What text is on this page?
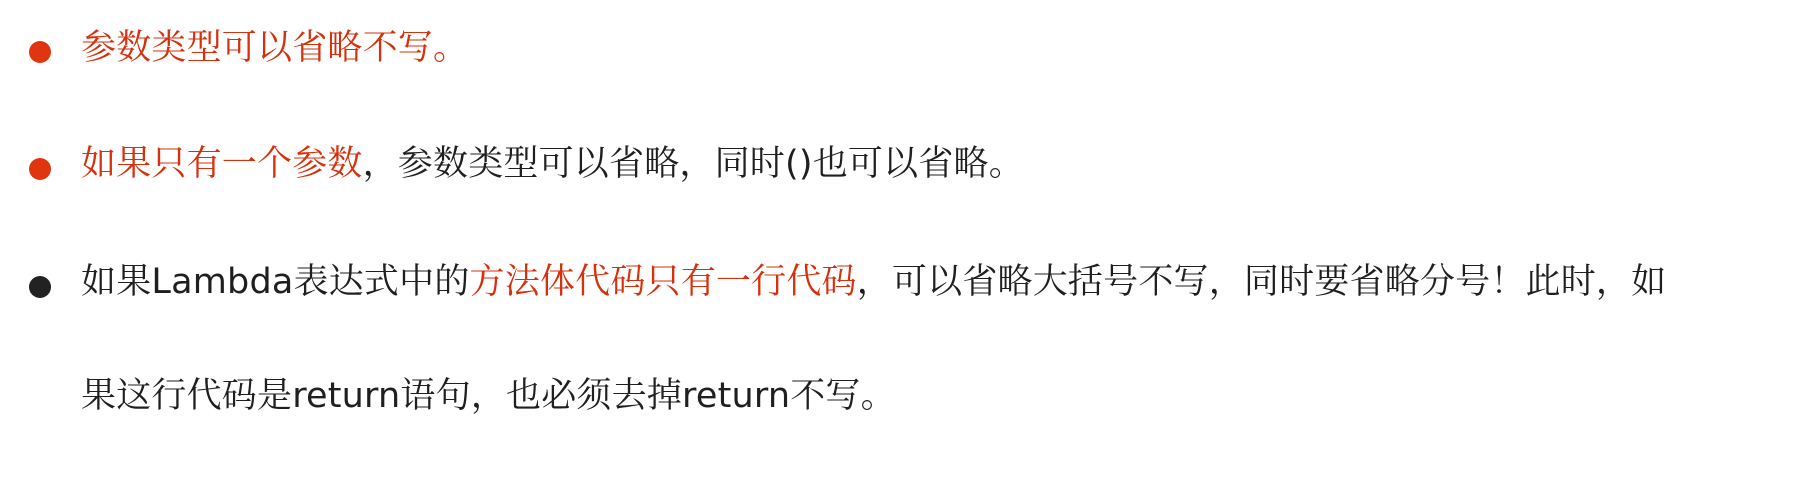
参数类型可以省略不写。
如果只有一个参数，参数类型可以省略，同时()也可以省略。
如果Lambda表达式中的方法体代码只有一行代码，可以省略大括号不写，同时要省略分号！此时，如
果这行代码是return语句，也必须去掉return不写。
